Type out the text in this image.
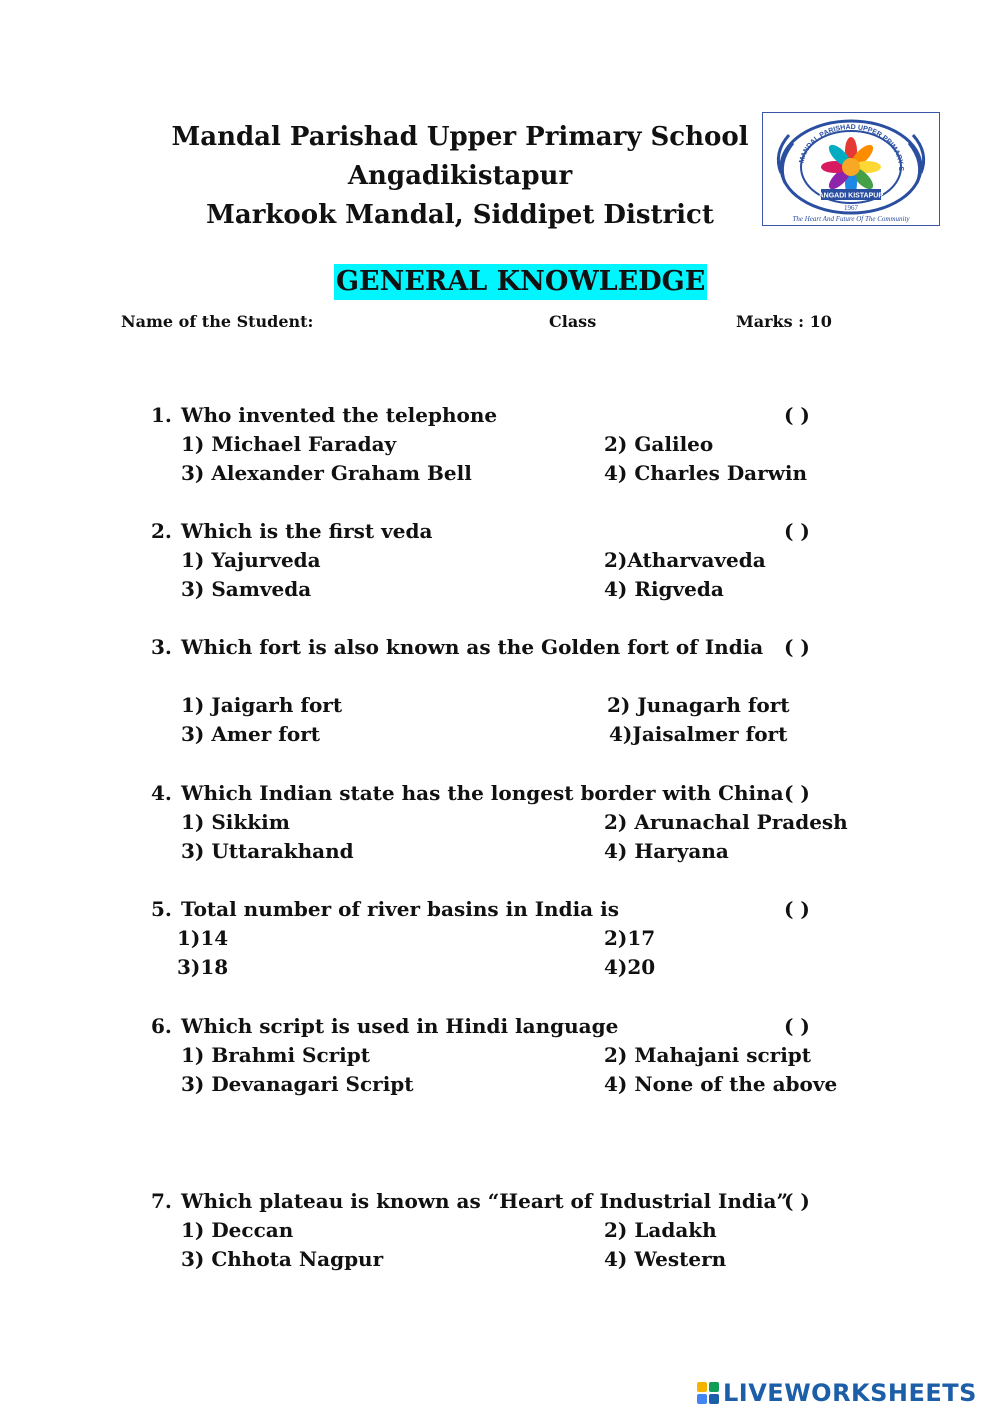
Mandal Parishad Upper Primary School
Angadikistapur
Markook Mandal, Siddipet District
MANDAL PARISHAD UPPER PRIMARY S
ANGADI KISTAPUR
1967
The Heart And Future Of The Community
GENERAL KNOWLEDGE
Name of the Student:	Class	Marks : 10
1. Who invented the telephone	( )
1) Michael Faraday	2) Galileo
3) Alexander Graham Bell	4) Charles Darwin
2. Which is the first veda	( )
1) Yajurveda	2)Atharvaveda
3) Samveda	4) Rigveda
3. Which fort is also known as the Golden fort of India ( )
1) Jaigarh fort	2) Junagarh fort
3) Amer fort	4)Jaisalmer fort
4. Which Indian state has the longest border with China ( )
1) Sikkim	2) Arunachal Pradesh
3) Uttarakhand	4) Haryana
5. Total number of river basins in India is	( )
1)14	2)17
3)18	4)20
6. Which script is used in Hindi language	( )
1) Brahmi Script	2) Mahajani script
3) Devanagari Script	4) None of the above
7. Which plateau is known as “Heart of Industrial India”
( )
1) Deccan	2) Ladakh
3) Chhota Nagpur	4) Western
LIVEWORKSHEETS
